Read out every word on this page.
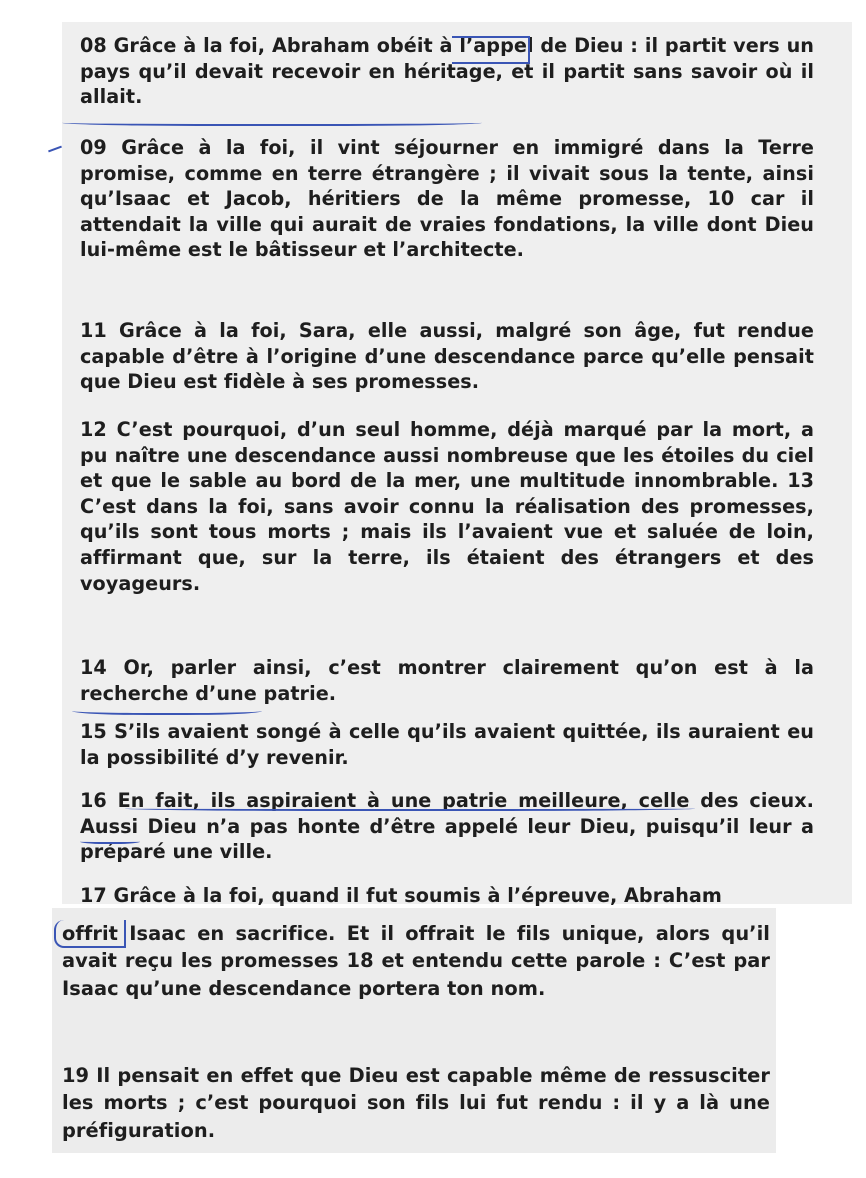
08 Grâce à la foi, Abraham obéit à l’appel de Dieu : il partit vers un pays qu’il devait recevoir en héritage, et il partit sans savoir où il allait.

09 Grâce à la foi, il vint séjourner en immigré dans la Terre promise, comme en terre étrangère ; il vivait sous la tente, ainsi qu’Isaac et Jacob, héritiers de la même promesse, 10 car il attendait la ville qui aurait de vraies fondations, la ville dont Dieu lui-même est le bâtisseur et l’architecte.

11 Grâce à la foi, Sara, elle aussi, malgré son âge, fut rendue capable d’être à l’origine d’une descendance parce qu’elle pensait que Dieu est fidèle à ses promesses.

12 C’est pourquoi, d’un seul homme, déjà marqué par la mort, a pu naître une descendance aussi nombreuse que les étoiles du ciel et que le sable au bord de la mer, une multitude innombrable. 13 C’est dans la foi, sans avoir connu la réalisation des promesses, qu’ils sont tous morts ; mais ils l’avaient vue et saluée de loin, affirmant que, sur la terre, ils étaient des étrangers et des voyageurs.

14 Or, parler ainsi, c’est montrer clairement qu’on est à la recherche d’une patrie.

15 S’ils avaient songé à celle qu’ils avaient quittée, ils auraient eu la possibilité d’y revenir.

16 En fait, ils aspiraient à une patrie meilleure, celle des cieux. Aussi Dieu n’a pas honte d’être appelé leur Dieu, puisqu’il leur a préparé une ville.

17 Grâce à la foi, quand il fut soumis à l’épreuve, Abraham

offrit Isaac en sacrifice. Et il offrait le fils unique, alors qu’il avait reçu les promesses 18 et entendu cette parole : C’est par Isaac qu’une descendance portera ton nom.

19 Il pensait en effet que Dieu est capable même de ressusciter les morts ; c’est pourquoi son fils lui fut rendu : il y a là une préfiguration.
